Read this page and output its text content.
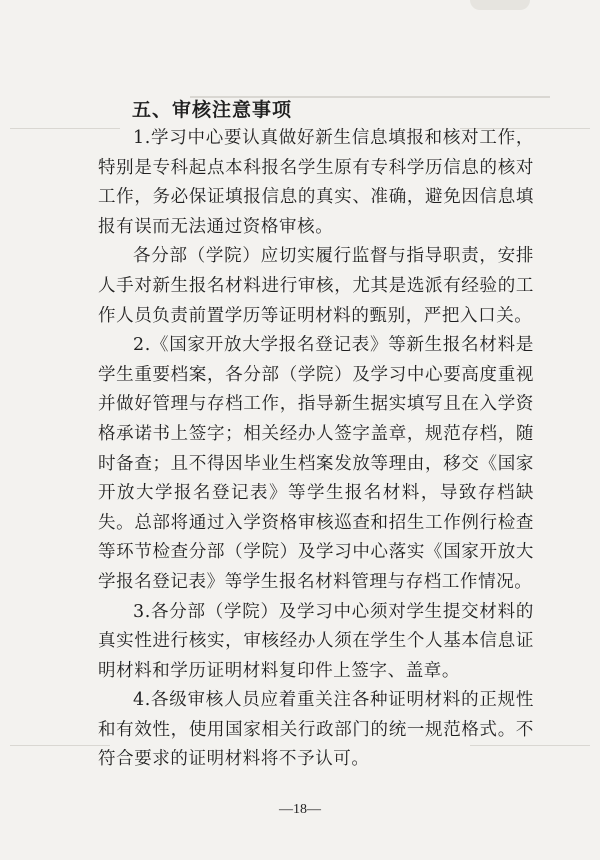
五、审核注意事项

1.学习中心要认真做好新生信息填报和核对工作，特别是专科起点本科报名学生原有专科学历信息的核对工作，务必保证填报信息的真实、准确，避免因信息填报有误而无法通过资格审核。

各分部（学院）应切实履行监督与指导职责，安排人手对新生报名材料进行审核，尤其是选派有经验的工作人员负责前置学历等证明材料的甄别，严把入口关。

2.《国家开放大学报名登记表》等新生报名材料是学生重要档案，各分部（学院）及学习中心要高度重视并做好管理与存档工作，指导新生据实填写且在入学资格承诺书上签字；相关经办人签字盖章，规范存档，随时备查；且不得因毕业生档案发放等理由，移交《国家开放大学报名登记表》等学生报名材料，导致存档缺失。总部将通过入学资格审核巡查和招生工作例行检查等环节检查分部（学院）及学习中心落实《国家开放大学报名登记表》等学生报名材料管理与存档工作情况。

3.各分部（学院）及学习中心须对学生提交材料的真实性进行核实，审核经办人须在学生个人基本信息证明材料和学历证明材料复印件上签字、盖章。

4.各级审核人员应着重关注各种证明材料的正规性和有效性，使用国家相关行政部门的统一规范格式。不符合要求的证明材料将不予认可。

—18—
